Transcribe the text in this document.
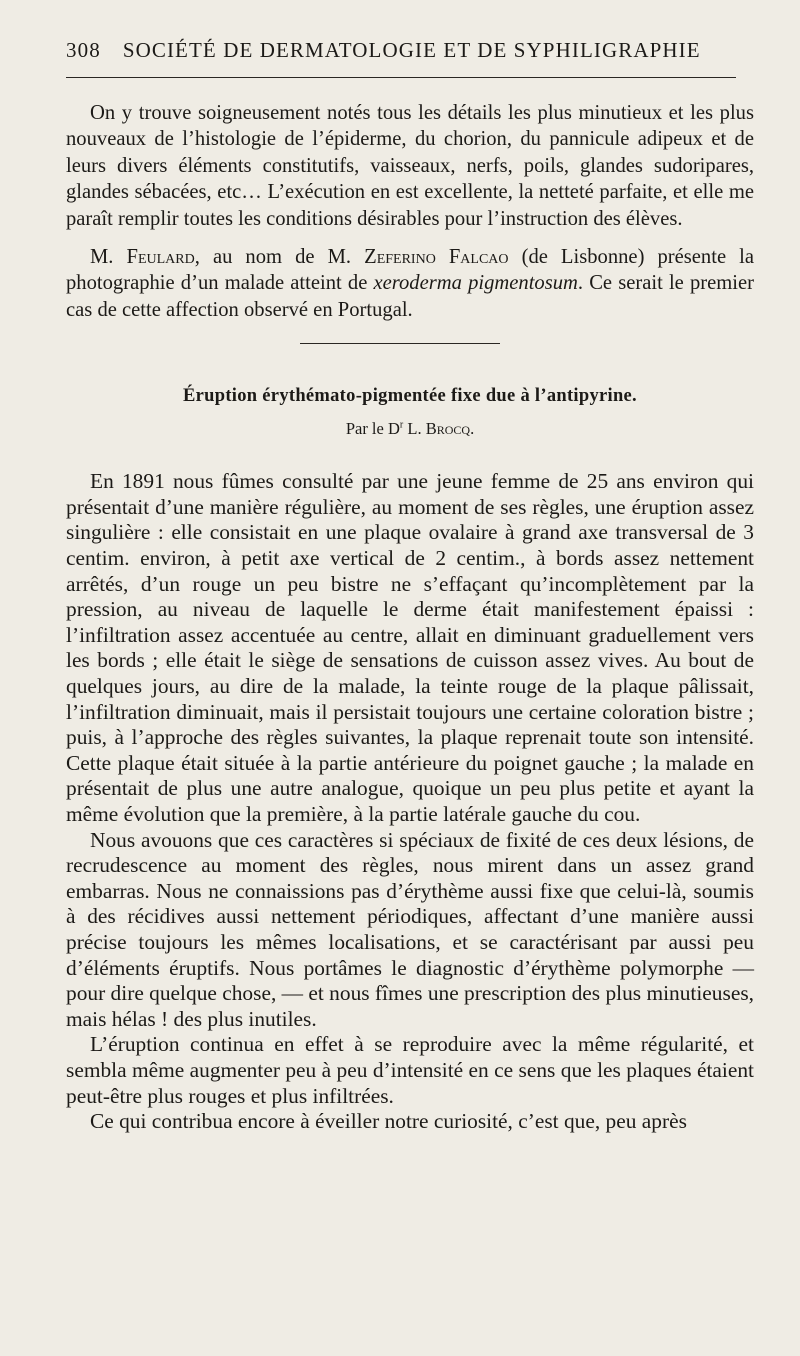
308 SOCIÉTÉ DE DERMATOLOGIE ET DE SYPHILIGRAPHIE

On y trouve soigneusement notés tous les détails les plus minutieux et les plus nouveaux de l’histologie de l’épiderme, du chorion, du pannicule adipeux et de leurs divers éléments constitutifs, vaisseaux, nerfs, poils, glandes sudoripares, glandes sébacées, etc… L’exécution en est excellente, la netteté parfaite, et elle me paraît remplir toutes les conditions désirables pour l’instruction des élèves.

M. Feulard, au nom de M. Zeferino Falcao (de Lisbonne) présente la photographie d’un malade atteint de xeroderma pigmentosum. Ce serait le premier cas de cette affection observé en Portugal.

Éruption érythémato-pigmentée fixe due à l’antipyrine.
Par le $D^r$ L. Brocq.

En 1891 nous fûmes consulté par une jeune femme de 25 ans environ qui présentait d’une manière régulière, au moment de ses règles, une éruption assez singulière : elle consistait en une plaque ovalaire à grand axe transversal de 3 centim. environ, à petit axe vertical de 2 centim., à bords assez nettement arrêtés, d’un rouge un peu bistre ne s’effaçant qu’incomplètement par la pression, au niveau de laquelle le derme était manifestement épaissi : l’infiltration assez accentuée au centre, allait en diminuant graduellement vers les bords ; elle était le siège de sensations de cuisson assez vives. Au bout de quelques jours, au dire de la malade, la teinte rouge de la plaque pâlissait, l’infiltration diminuait, mais il persistait toujours une certaine coloration bistre ; puis, à l’approche des règles suivantes, la plaque reprenait toute son intensité. Cette plaque était située à la partie antérieure du poignet gauche ; la malade en présentait de plus une autre analogue, quoique un peu plus petite et ayant la même évolution que la première, à la partie latérale gauche du cou.

Nous avouons que ces caractères si spéciaux de fixité de ces deux lésions, de recrudescence au moment des règles, nous mirent dans un assez grand embarras. Nous ne connaissions pas d’érythème aussi fixe que celui-là, soumis à des récidives aussi nettement périodiques, affectant d’une manière aussi précise toujours les mêmes localisations, et se caractérisant par aussi peu d’éléments éruptifs. Nous portâmes le diagnostic d’érythème polymorphe — pour dire quelque chose, — et nous fîmes une prescription des plus minutieuses, mais hélas ! des plus inutiles.

L’éruption continua en effet à se reproduire avec la même régularité, et sembla même augmenter peu à peu d’intensité en ce sens que les plaques étaient peut-être plus rouges et plus infiltrées.

Ce qui contribua encore à éveiller notre curiosité, c’est que, peu après
